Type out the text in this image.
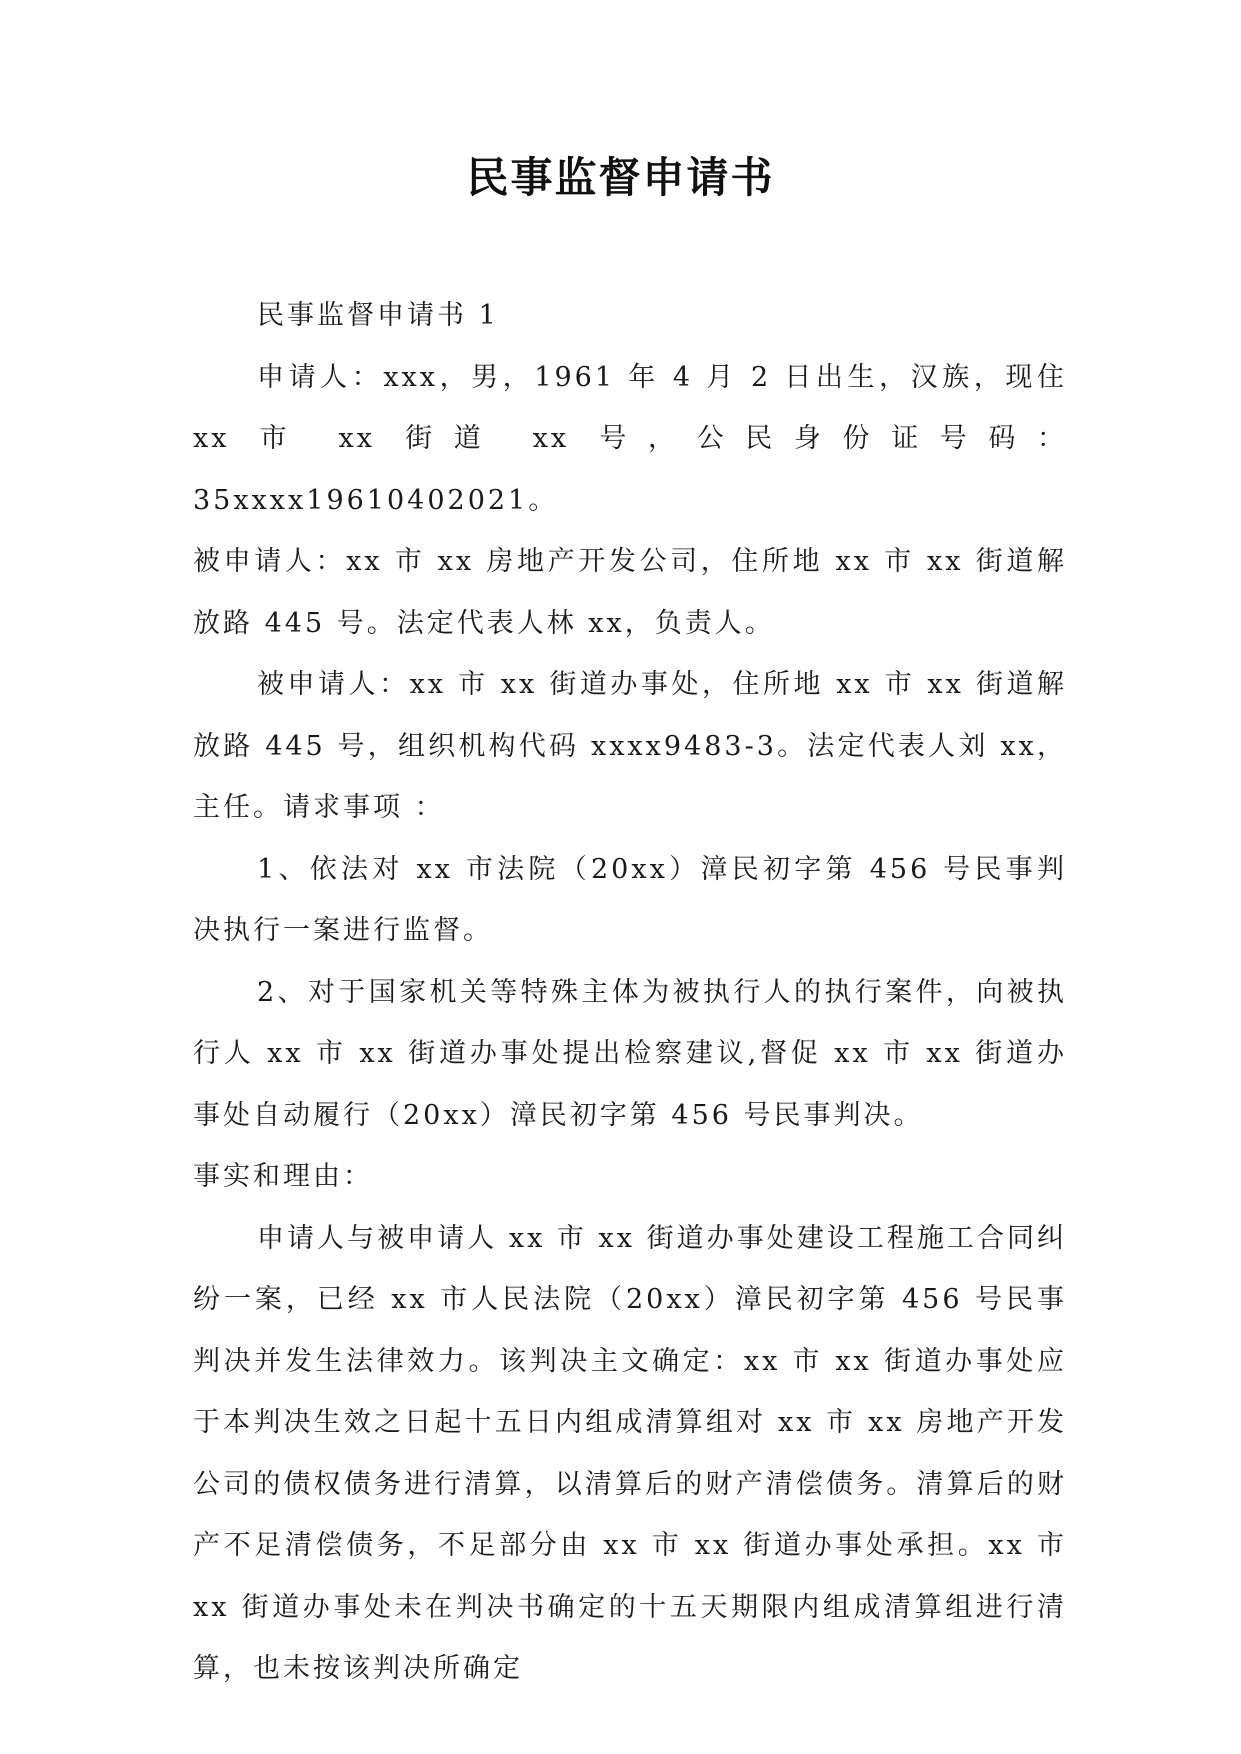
民事监督申请书

民事监督申请书 1

申请人：xxx，男，1961 年 4 月 2 日出生，汉族，现住 xx 市 xx 街道 xx 号，公民身份证号码：35xxxx19610402021。

被申请人：xx 市 xx 房地产开发公司，住所地 xx 市 xx 街道解放路 445 号。法定代表人林 xx，负责人。

被申请人：xx 市 xx 街道办事处，住所地 xx 市 xx 街道解放路 445 号，组织机构代码 xxxx9483-3。法定代表人刘 xx，主任。请求事项 ：

1、依法对 xx 市法院（20xx）漳民初字第 456 号民事判决执行一案进行监督。

2、对于国家机关等特殊主体为被执行人的执行案件，向被执行人 xx 市 xx 街道办事处提出检察建议,督促 xx 市 xx 街道办事处自动履行（20xx）漳民初字第 456 号民事判决。

事实和理由：

申请人与被申请人 xx 市 xx 街道办事处建设工程施工合同纠纷一案，已经 xx 市人民法院（20xx）漳民初字第 456 号民事判决并发生法律效力。该判决主文确定：xx 市 xx 街道办事处应于本判决生效之日起十五日内组成清算组对 xx 市 xx 房地产开发公司的债权债务进行清算，以清算后的财产清偿债务。清算后的财产不足清偿债务，不足部分由 xx 市 xx 街道办事处承担。xx 市 xx 街道办事处未在判决书确定的十五天期限内组成清算组进行清算，也未按该判决所确定
